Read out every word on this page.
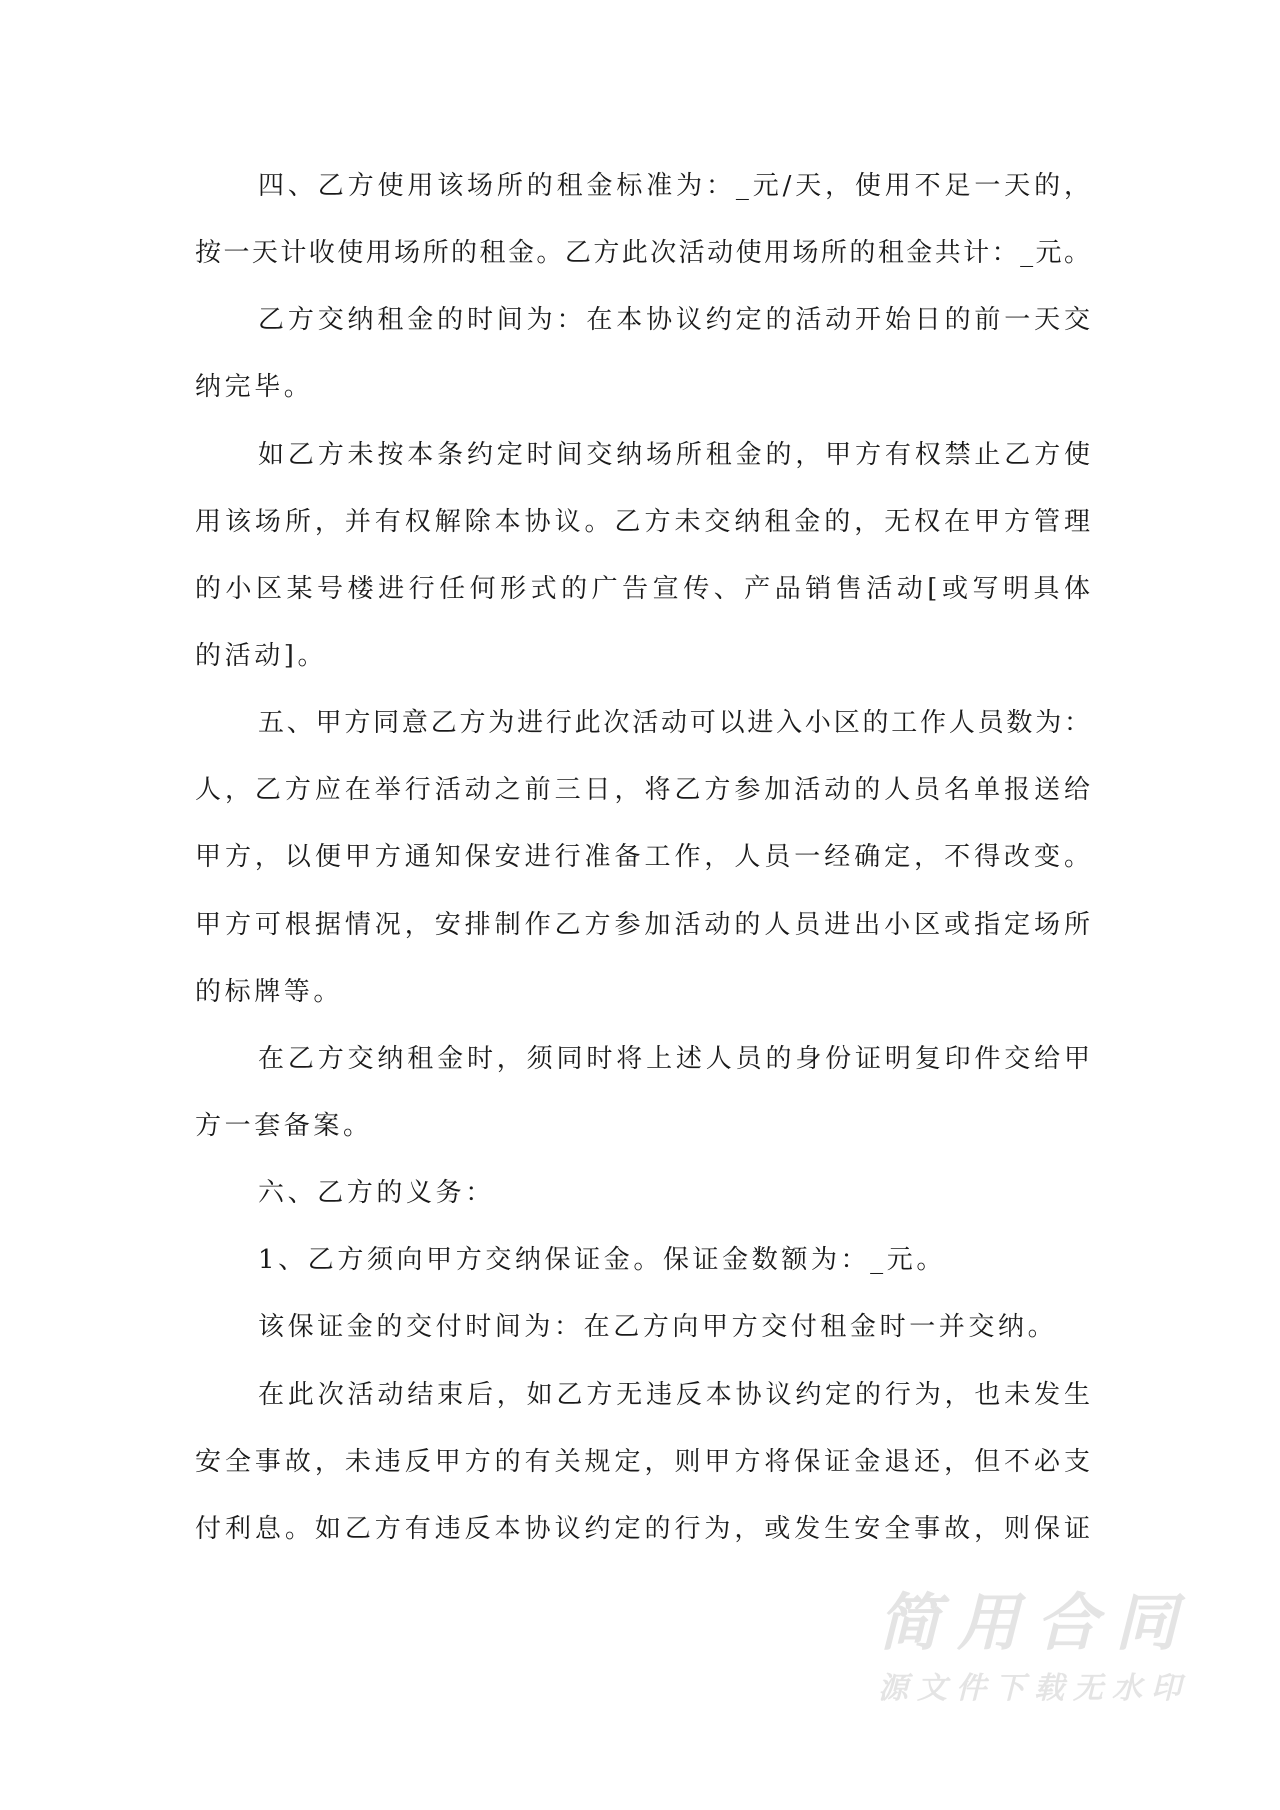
四、乙方使用该场所的租金标准为：_元/天，使用不足一天的，
按一天计收使用场所的租金。乙方此次活动使用场所的租金共计：_元。
乙方交纳租金的时间为：在本协议约定的活动开始日的前一天交
纳完毕。
如乙方未按本条约定时间交纳场所租金的，甲方有权禁止乙方使
用该场所，并有权解除本协议。乙方未交纳租金的，无权在甲方管理
的小区某号楼进行任何形式的广告宣传、产品销售活动[或写明具体
的活动]。
五、甲方同意乙方为进行此次活动可以进入小区的工作人员数为：
人，乙方应在举行活动之前三日，将乙方参加活动的人员名单报送给
甲方，以便甲方通知保安进行准备工作，人员一经确定，不得改变。
甲方可根据情况，安排制作乙方参加活动的人员进出小区或指定场所
的标牌等。
在乙方交纳租金时，须同时将上述人员的身份证明复印件交给甲
方一套备案。
六、乙方的义务：
1、乙方须向甲方交纳保证金。保证金数额为：_元。
该保证金的交付时间为：在乙方向甲方交付租金时一并交纳。
在此次活动结束后，如乙方无违反本协议约定的行为，也未发生
安全事故，未违反甲方的有关规定，则甲方将保证金退还，但不必支
付利息。如乙方有违反本协议约定的行为，或发生安全事故，则保证
简用合同
源文件下载无水印
